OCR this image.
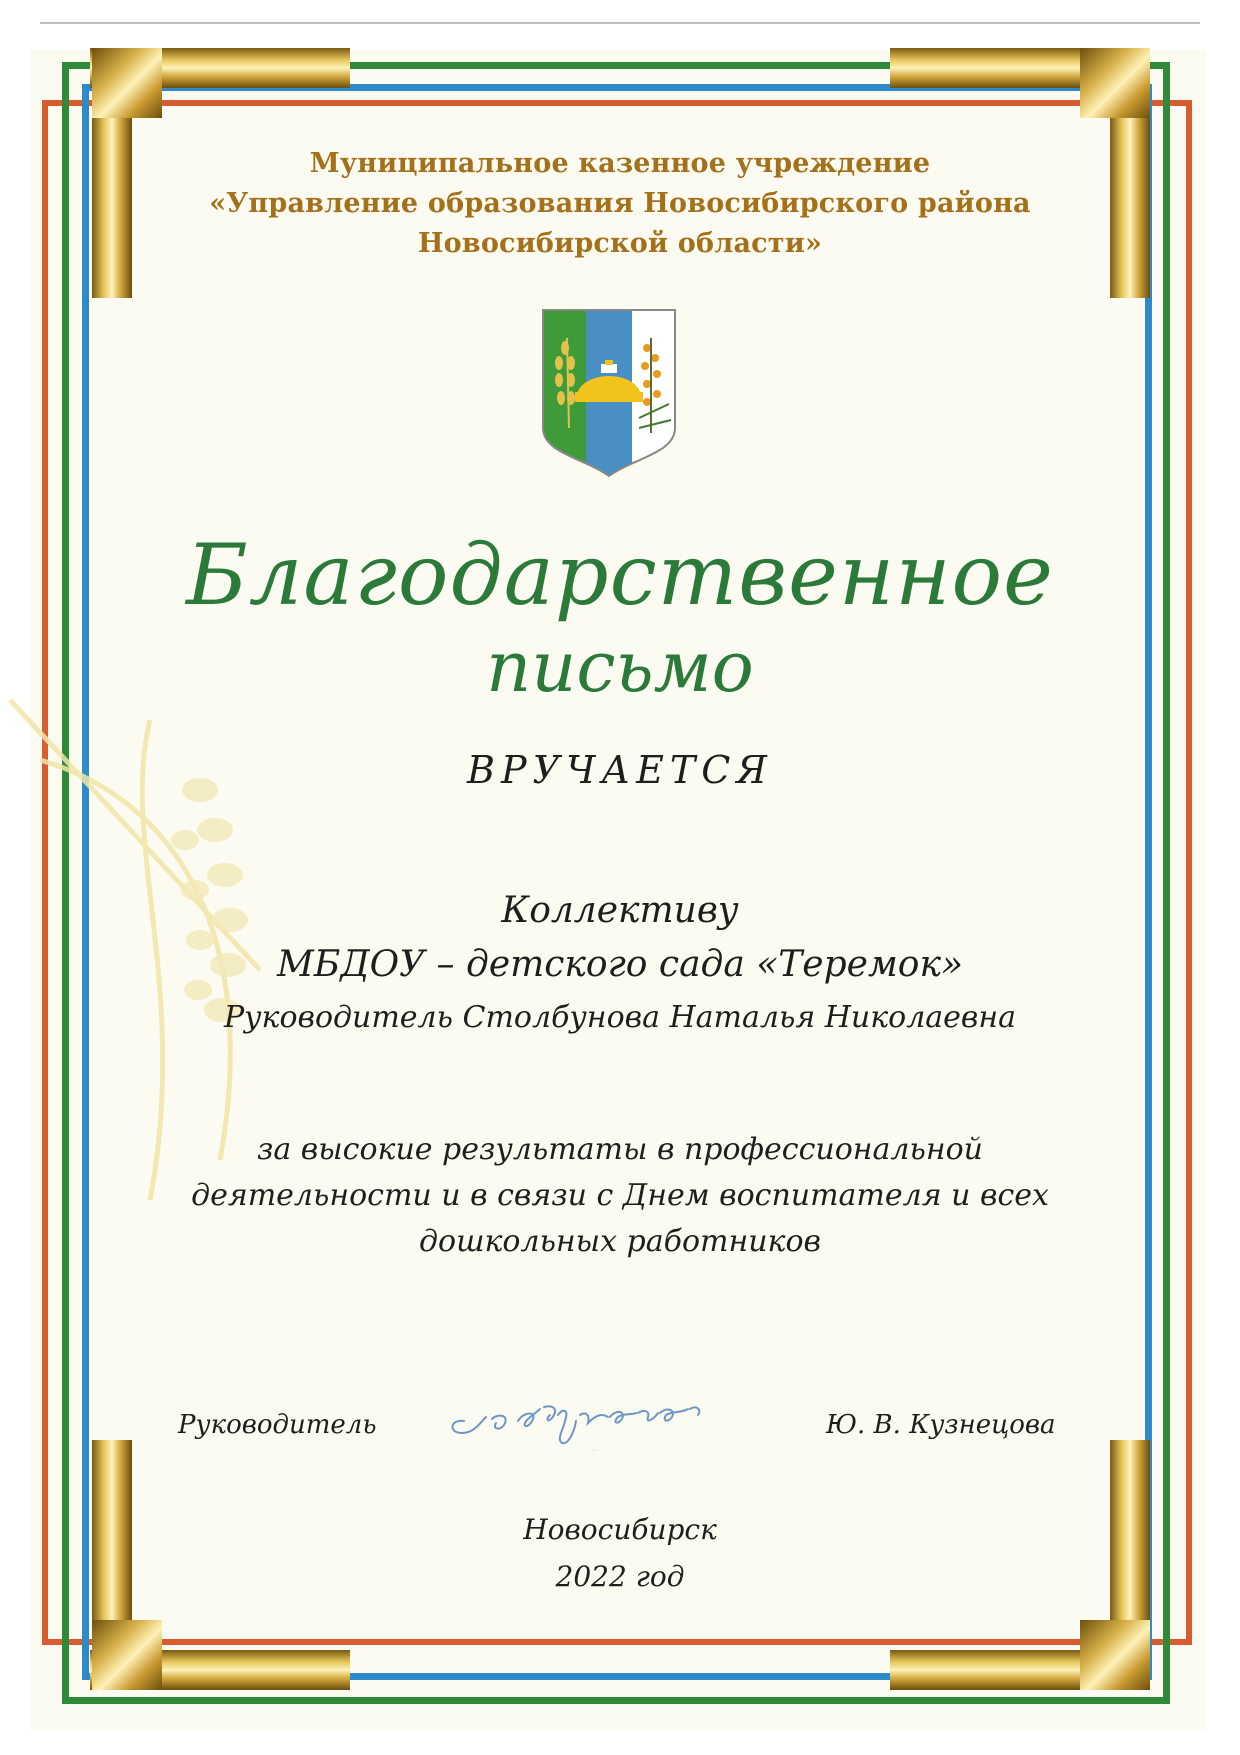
Муниципальное казенное учреждение
«Управление образования Новосибирского района
Новосибирской области»
Благодарственное
письмо
ВРУЧАЕТСЯ
Коллективу
МБДОУ – детского сада «Теремок»
Руководитель Столбунова Наталья Николаевна
за высокие результаты в профессиональной
деятельности и в связи с Днем воспитателя и всех
дошкольных работников
Руководитель
Ю. Кузнецова
Ю. В. Кузнецова
Новосибирск
2022 год
